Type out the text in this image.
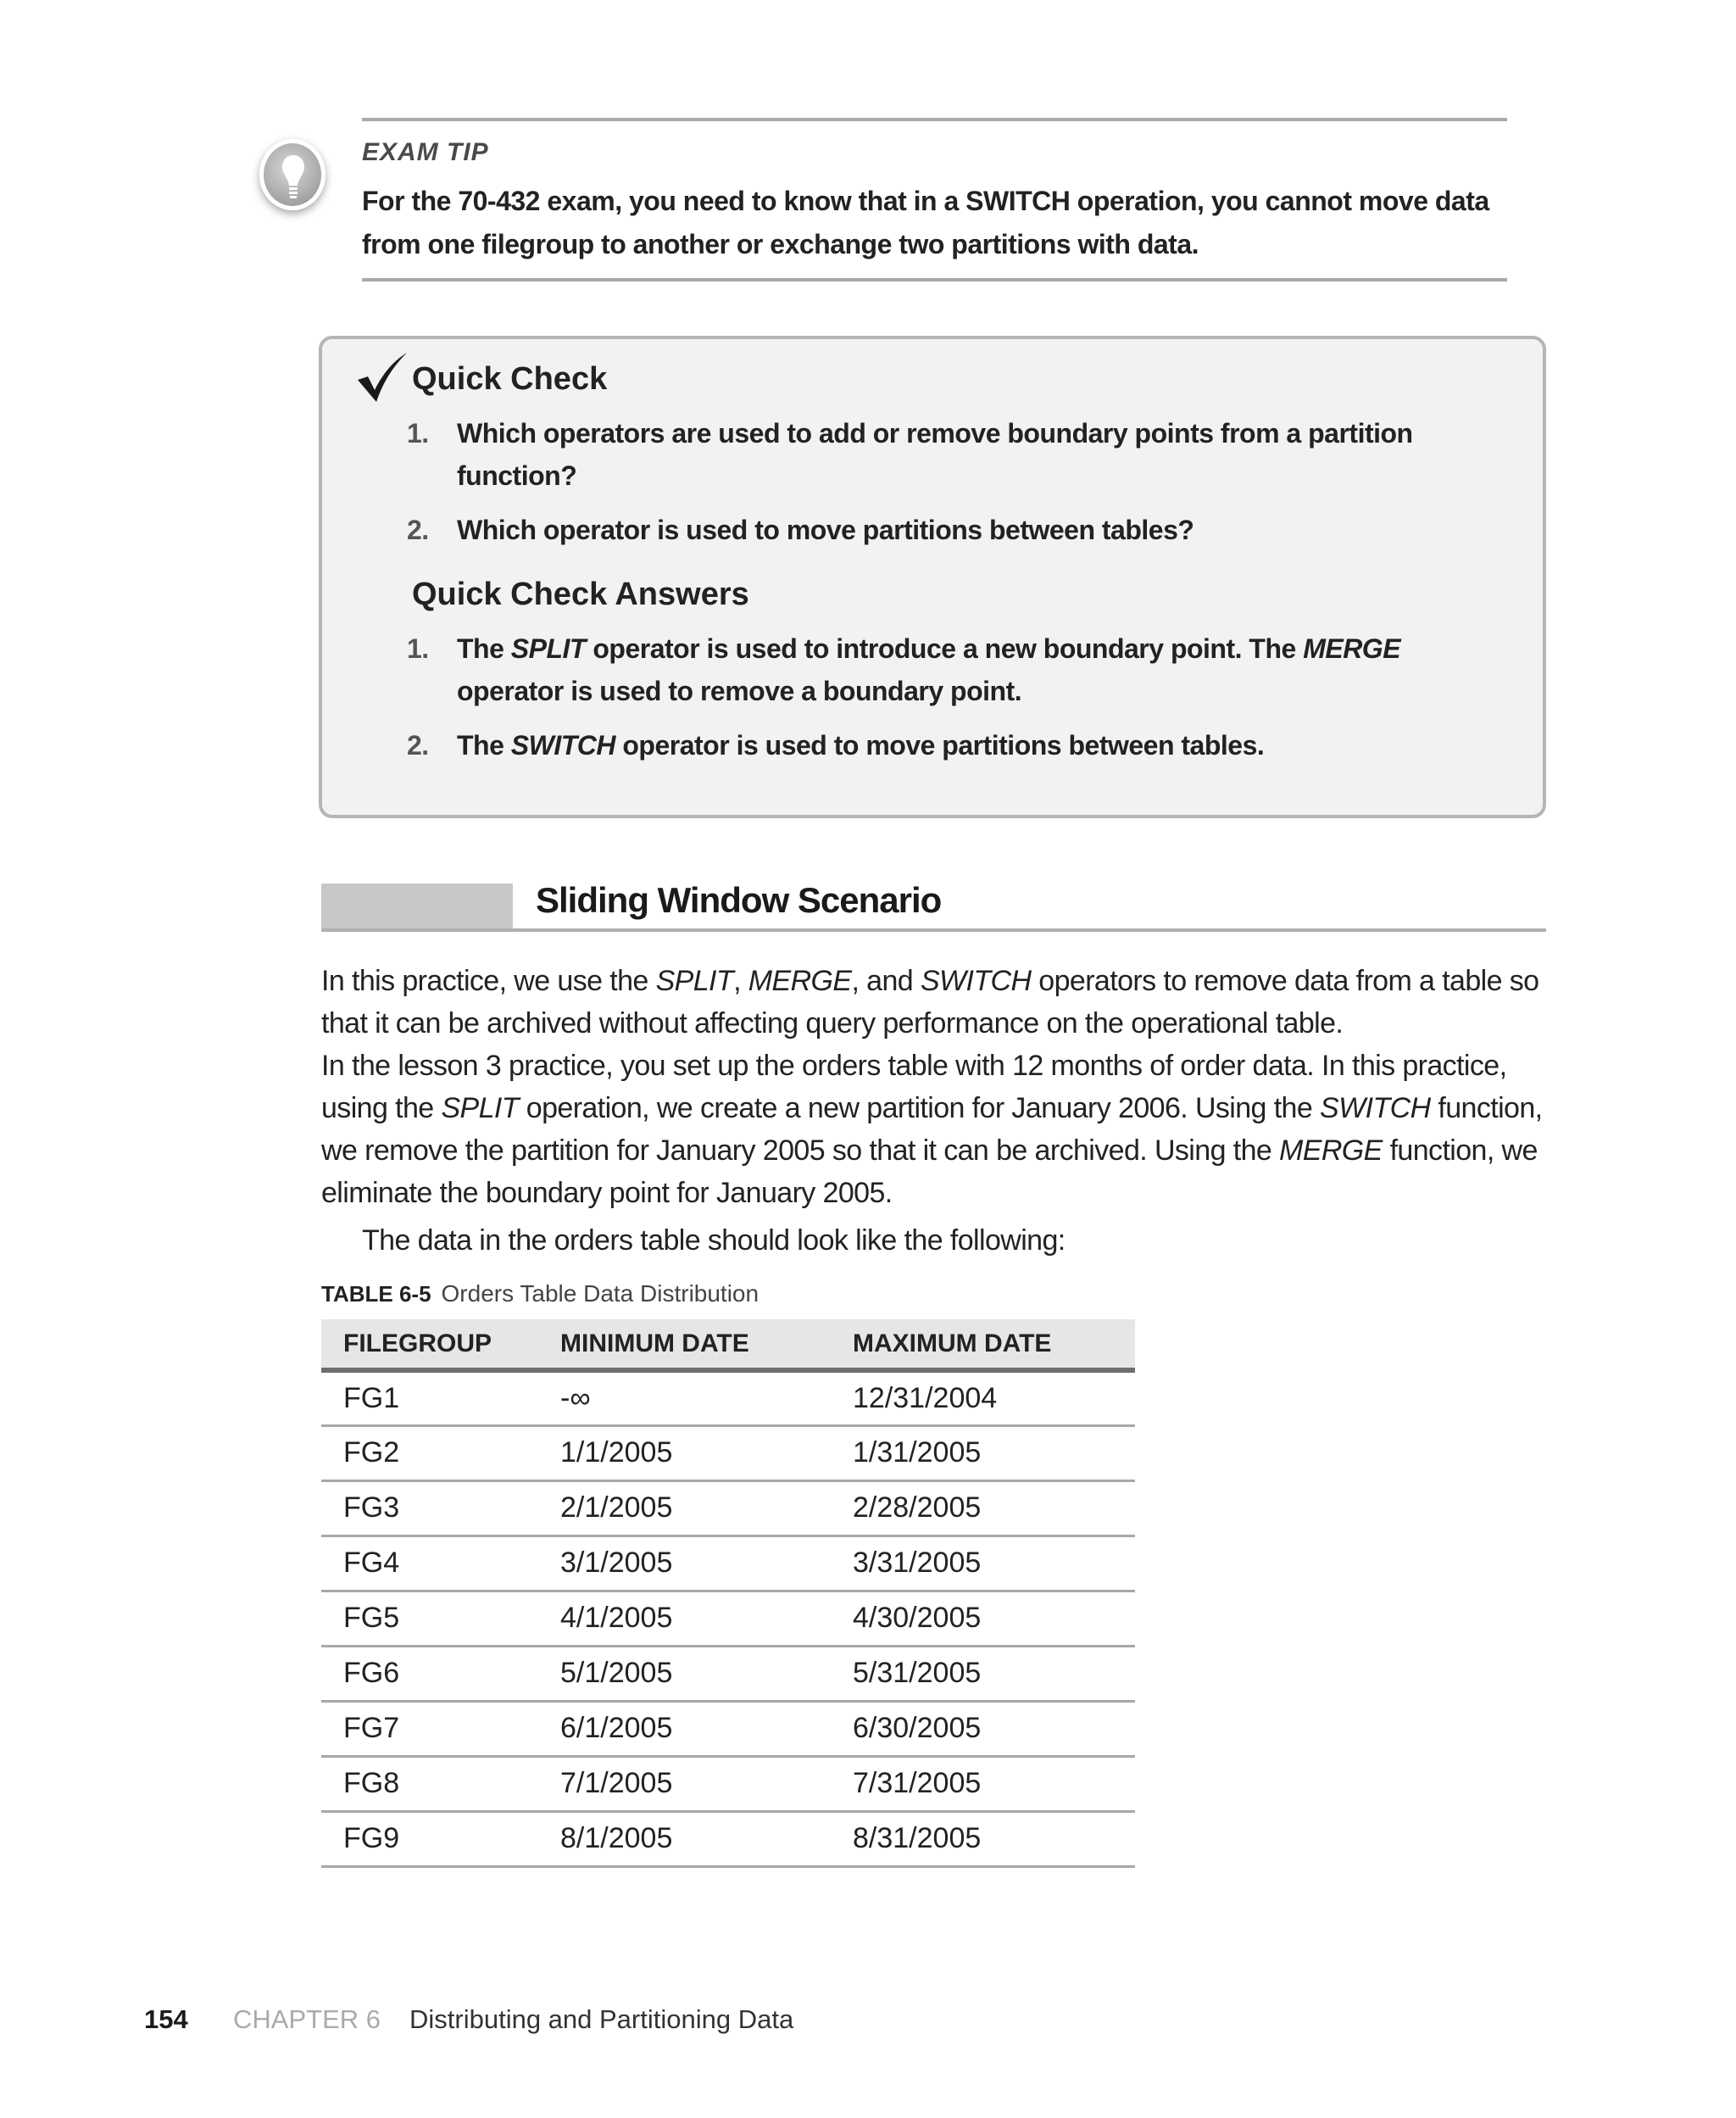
EXAM TIP
For the 70-432 exam, you need to know that in a SWITCH operation, you cannot move data from one filegroup to another or exchange two partitions with data.
Quick Check
1. Which operators are used to add or remove boundary points from a partition function?
2. Which operator is used to move partitions between tables?
Quick Check Answers
1. The SPLIT operator is used to introduce a new boundary point. The MERGE operator is used to remove a boundary point.
2. The SWITCH operator is used to move partitions between tables.
Sliding Window Scenario
In this practice, we use the SPLIT, MERGE, and SWITCH operators to remove data from a table so that it can be archived without affecting query performance on the operational table.
In the lesson 3 practice, you set up the orders table with 12 months of order data. In this practice, using the SPLIT operation, we create a new partition for January 2006. Using the SWITCH function, we remove the partition for January 2005 so that it can be archived. Using the MERGE function, we eliminate the boundary point for January 2005.
The data in the orders table should look like the following:
TABLE 6-5 Orders Table Data Distribution
FILEGROUP	MINIMUM DATE	MAXIMUM DATE
FG1	-∞	12/31/2004
FG2	1/1/2005	1/31/2005
FG3	2/1/2005	2/28/2005
FG4	3/1/2005	3/31/2005
FG5	4/1/2005	4/30/2005
FG6	5/1/2005	5/31/2005
FG7	6/1/2005	6/30/2005
FG8	7/1/2005	7/31/2005
FG9	8/1/2005	8/31/2005
154 CHAPTER 6 Distributing and Partitioning Data
